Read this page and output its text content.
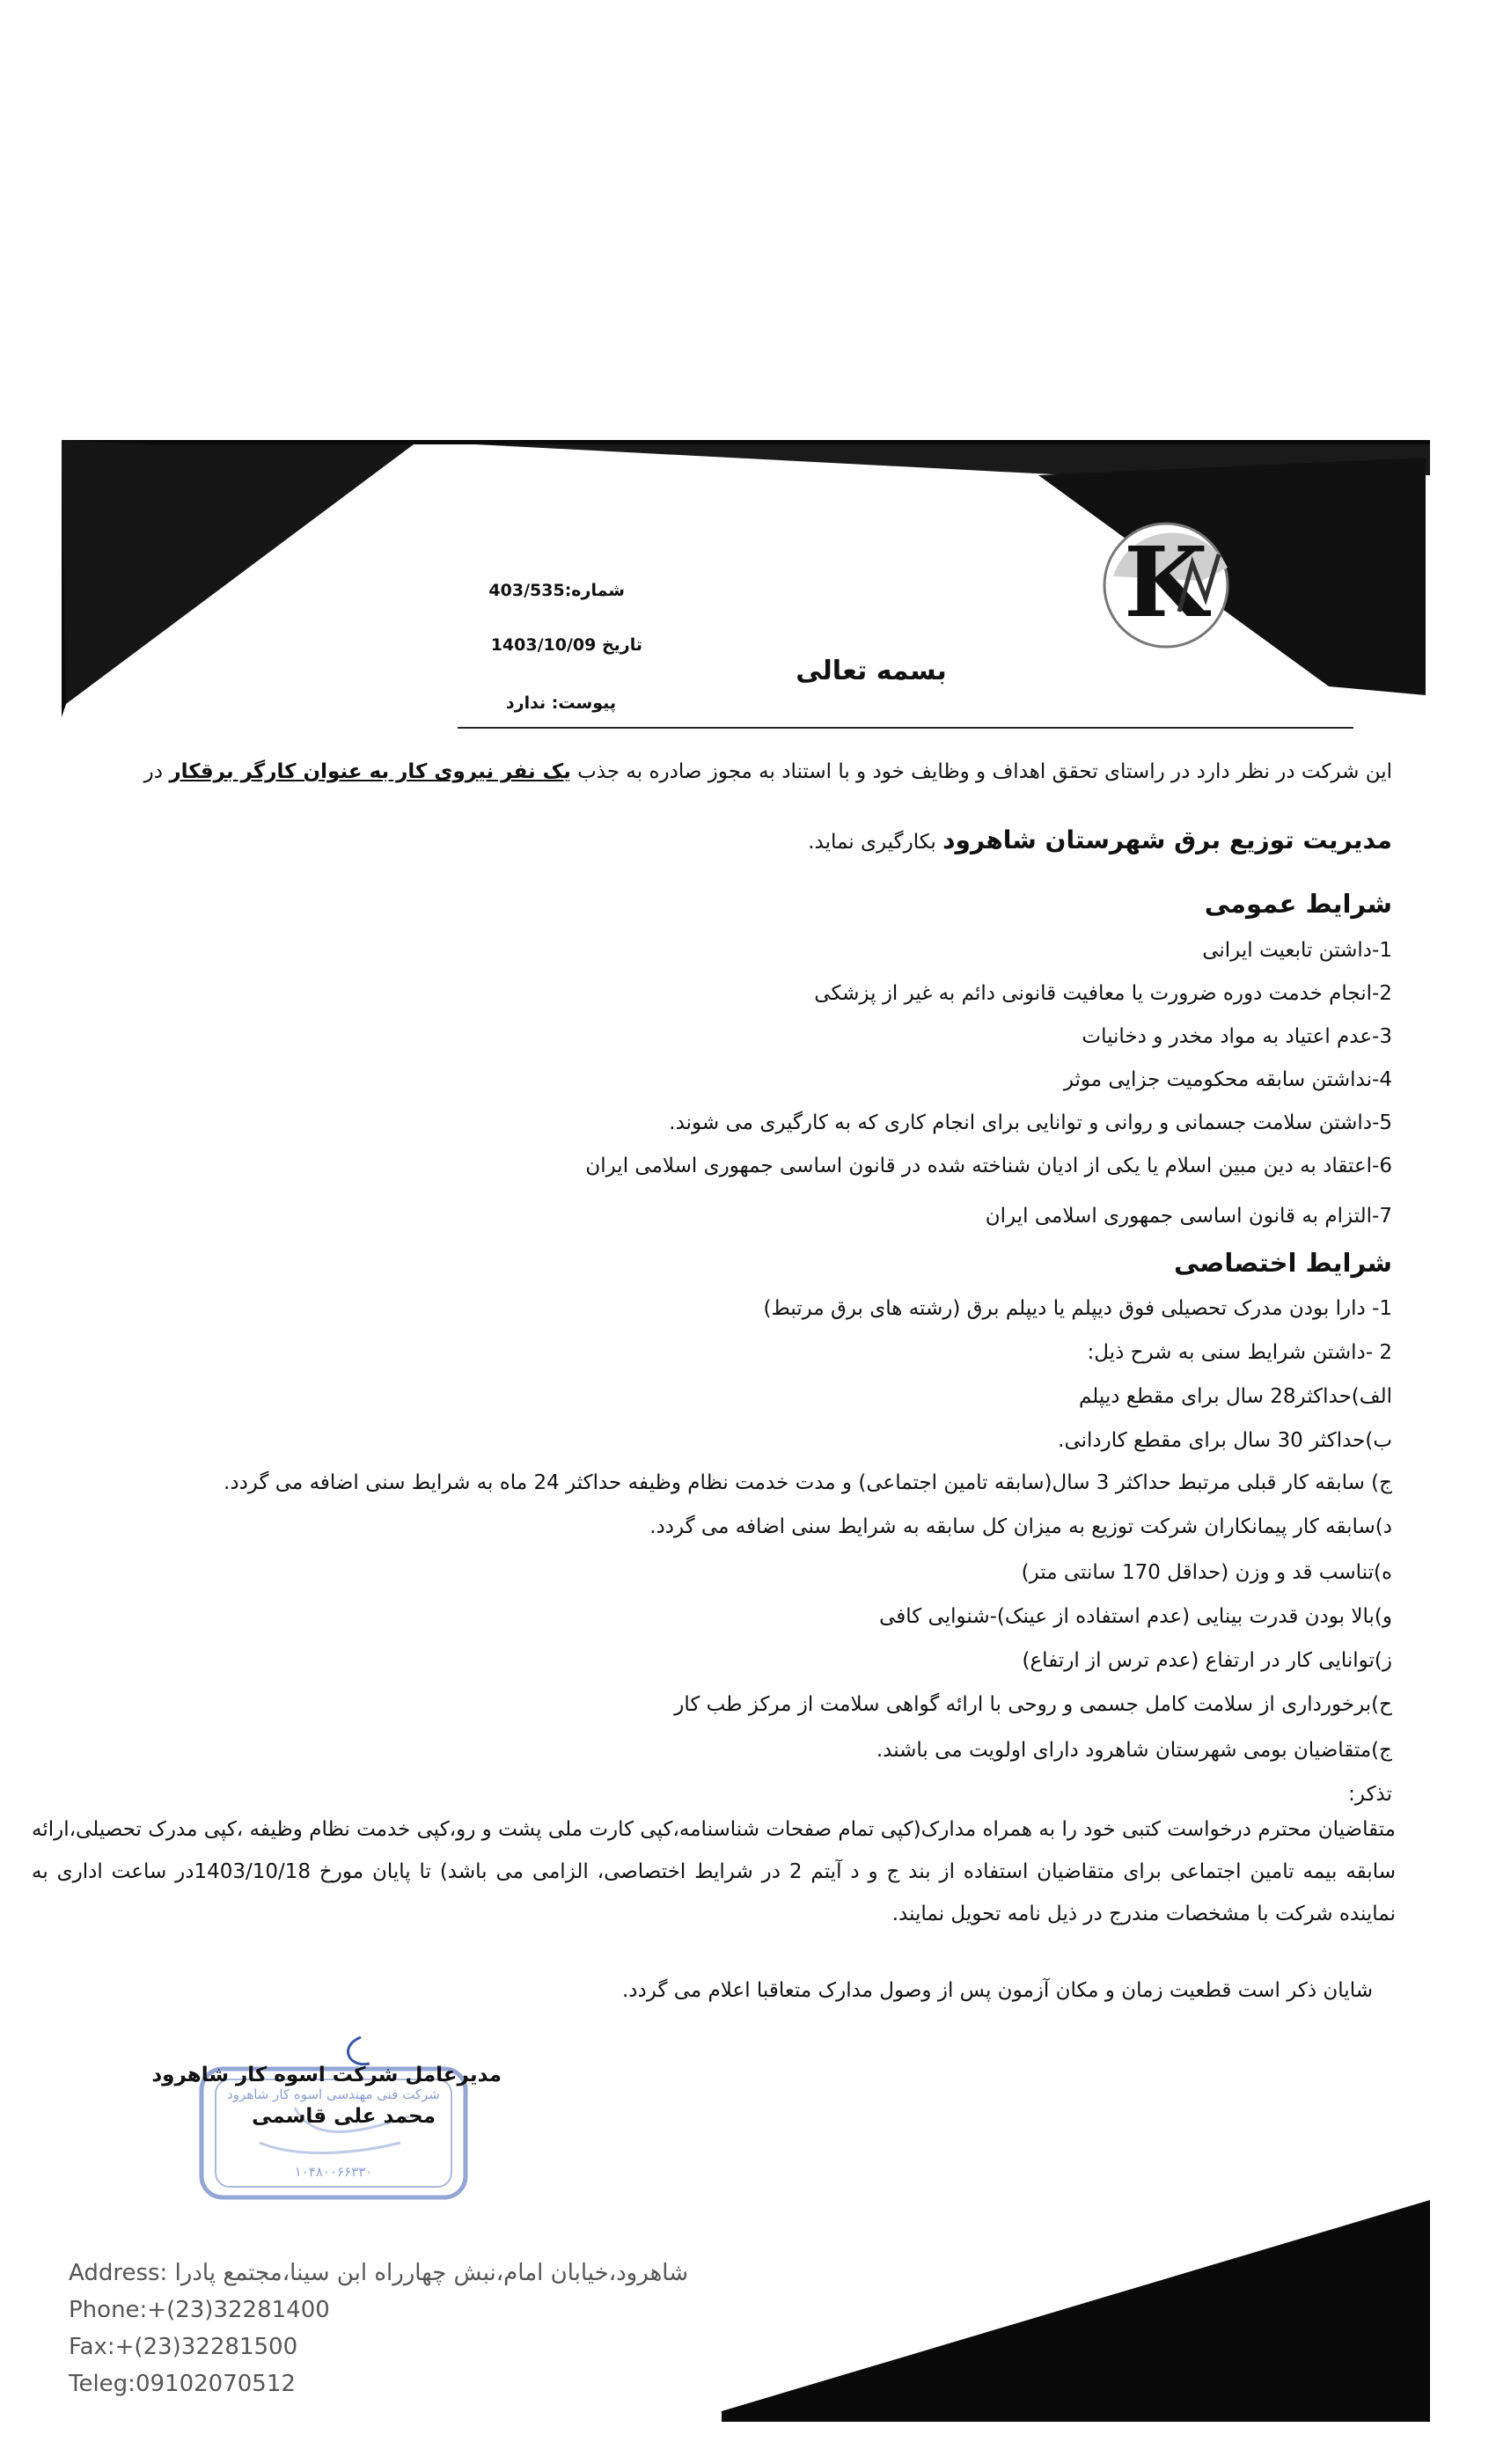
K
شماره:403/535
تاریخ 1403/10/09
پیوست: ندارد
بسمه تعالی
این شرکت در نظر دارد در راستای تحقق اهداف و وظایف خود و با استناد به مجوز صادره به جذب یک نفر نیروی کار به عنوان کارگر برقکار در
مدیریت توزیع برق شهرستان شاهرود بکارگیری نماید.
شرایط عمومی
1-داشتن تابعیت ایرانی
2-انجام خدمت دوره ضرورت یا معافیت قانونی دائم به غیر از پزشکی
3-عدم اعتیاد به مواد مخدر و دخانیات
4-نداشتن سابقه محکومیت جزایی موثر
5-داشتن سلامت جسمانی و روانی و توانایی برای انجام کاری که به کارگیری می شوند.
6-اعتقاد به دین مبین اسلام یا یکی از ادیان شناخته شده در قانون اساسی جمهوری اسلامی ایران
7-التزام به قانون اساسی جمهوری اسلامی ایران
شرایط اختصاصی
1- دارا بودن مدرک تحصیلی فوق دیپلم یا دیپلم برق (رشته های برق مرتبط)
2 -داشتن شرایط سنی به شرح ذیل:
الف)حداکثر28 سال برای مقطع دیپلم
ب)حداکثر 30 سال برای مقطع کاردانی.
ج) سابقه کار قبلی مرتبط حداکثر 3 سال(سابقه تامین اجتماعی) و مدت خدمت نظام وظیفه حداکثر 24 ماه به شرایط سنی اضافه می گردد.
د)سابقه کار پیمانکاران شرکت توزیع به میزان کل سابقه به شرایط سنی اضافه می گردد.
ه)تناسب قد و وزن (حداقل 170 سانتی متر)
و)بالا بودن قدرت بینایی (عدم استفاده از عینک)-شنوایی کافی
ز)توانایی کار در ارتفاع (عدم ترس از ارتفاع)
ح)برخورداری از سلامت کامل جسمی و روحی با ارائه گواهی سلامت از مرکز طب کار
ج)متقاضیان بومی شهرستان شاهرود دارای اولویت می باشند.
تذکر:
متقاضیان محترم درخواست کتبی خود را به همراه مدارک(کپی تمام صفحات شناسنامه،کپی کارت ملی پشت و رو،کپی خدمت نظام وظیفه ،کپی مدرک تحصیلی،ارائه سابقه بیمه تامین اجتماعی برای متقاضیان استفاده از بند ج و د آیتم 2 در شرایط اختصاصی، الزامی می باشد) تا پایان مورخ 1403/10/18در ساعت اداری به نماینده شرکت با مشخصات مندرج در ذیل نامه تحویل نمایند.
شایان ذکر است قطعیت زمان و مکان آزمون پس از وصول مدارک متعاقبا اعلام می گردد.
شرکت فنی مهندسی اسوه کار شاهرود
۱۰۴۸۰۰۶۶۳۳۰
مدیرعامل شرکت اسوه کار شاهرود
محمد علی قاسمی
Address: شاهرود،خیابان امام،نبش چهارراه ابن سینا،مجتمع پادرا
Phone:+(23)32281400
Fax:+(23)32281500
Teleg:09102070512
